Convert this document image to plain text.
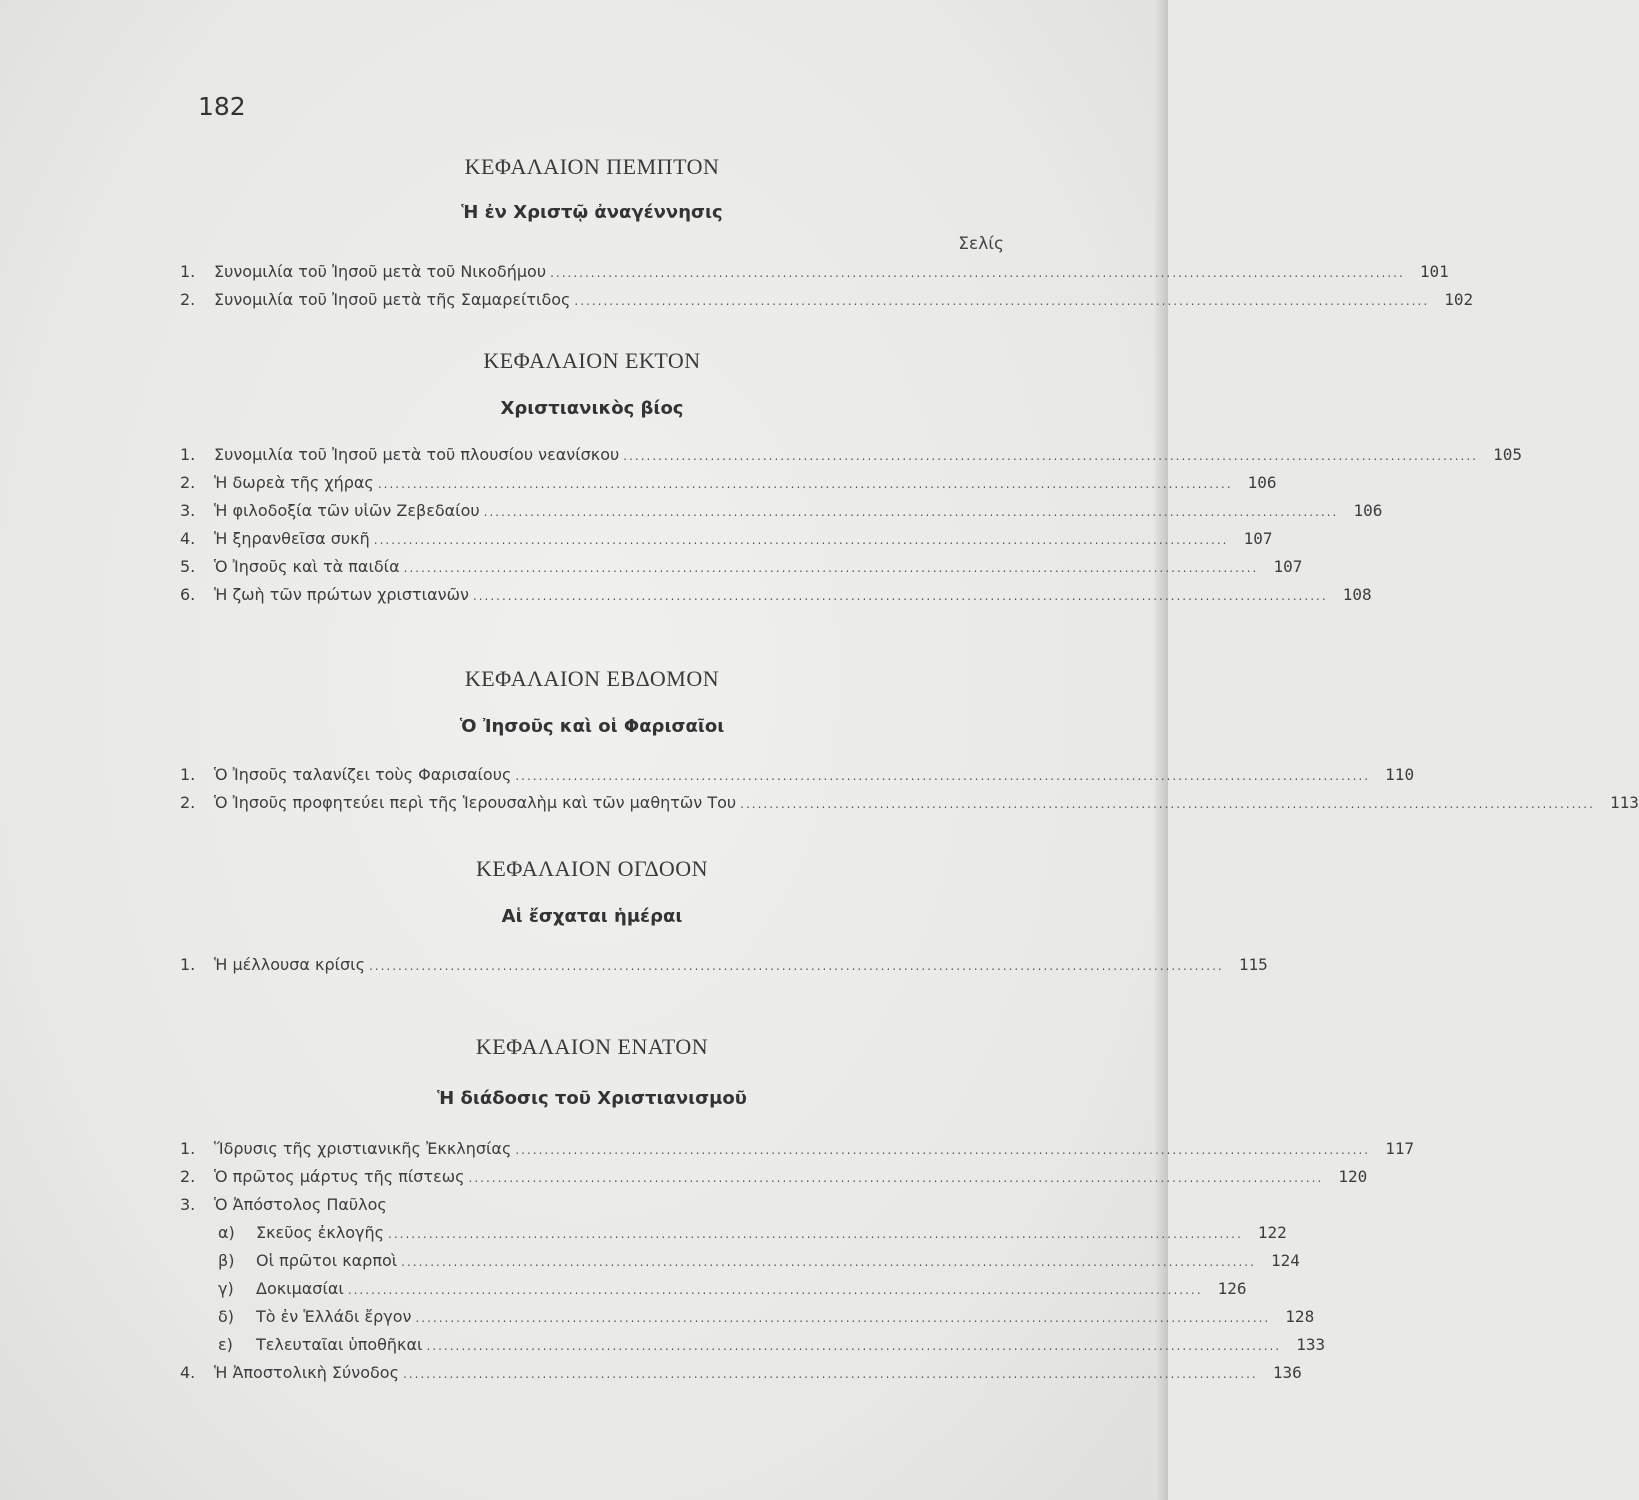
182
ΚΕΦΑΛΑΙΟΝ ΠΕΜΠΤΟΝ
Ἡ ἐν Χριστῷ ἀναγέννησις
Σελίς
1.	Συνομιλία τοῦ Ἰησοῦ μετὰ τοῦ Νικοδήμου ................................................................................................................................................... 101
2.	Συνομιλία τοῦ Ἰησοῦ μετὰ τῆς Σαμαρείτιδος ................................................................................................................................................... 102
ΚΕΦΑΛΑΙΟΝ ΕΚΤΟΝ
Χριστιανικὸς βίος
1.	Συνομιλία τοῦ Ἰησοῦ μετὰ τοῦ πλουσίου νεανίσκου ................................................................................................................................................... 105
2.	Ἡ δωρεὰ τῆς χήρας ................................................................................................................................................... 106
3.	Ἡ φιλοδοξία τῶν υἱῶν Ζεβεδαίου ................................................................................................................................................... 106
4.	Ἡ ξηρανθεῖσα συκῆ ................................................................................................................................................... 107
5.	Ὁ Ἰησοῦς καὶ τὰ παιδία ................................................................................................................................................... 107
6.	Ἡ ζωὴ τῶν πρώτων χριστιανῶν ................................................................................................................................................... 108
ΚΕΦΑΛΑΙΟΝ ΕΒΔΟΜΟΝ
Ὁ Ἰησοῦς καὶ οἱ Φαρισαῖοι
1.	Ὁ Ἰησοῦς ταλανίζει τοὺς Φαρισαίους ................................................................................................................................................... 110
2.	Ὁ Ἰησοῦς προφητεύει περὶ τῆς Ἱερουσαλὴμ καὶ τῶν μαθητῶν Του ................................................................................................................................................... 113
ΚΕΦΑΛΑΙΟΝ ΟΓΔΟΟΝ
Αἱ ἔσχαται ἡμέραι
1.	Ἡ μέλλουσα κρίσις ................................................................................................................................................... 115
ΚΕΦΑΛΑΙΟΝ ΕΝΑΤΟΝ
Ἡ διάδοσις τοῦ Χριστιανισμοῦ
1.	Ἵδρυσις τῆς χριστιανικῆς Ἐκκλησίας ................................................................................................................................................... 117
2.	Ὁ πρῶτος μάρτυς τῆς πίστεως ................................................................................................................................................... 120
3.	Ὁ Ἀπόστολος Παῦλος
α)	Σκεῦος ἐκλογῆς ................................................................................................................................................... 122
β)	Οἱ πρῶτοι καρποὶ ................................................................................................................................................... 124
γ)	Δοκιμασίαι ................................................................................................................................................... 126
δ)	Τὸ ἐν Ἑλλάδι ἔργον ................................................................................................................................................... 128
ε)	Τελευταῖαι ὑποθῆκαι ................................................................................................................................................... 133
4.	Ἡ Ἀποστολικὴ Σύνοδος ................................................................................................................................................... 136
